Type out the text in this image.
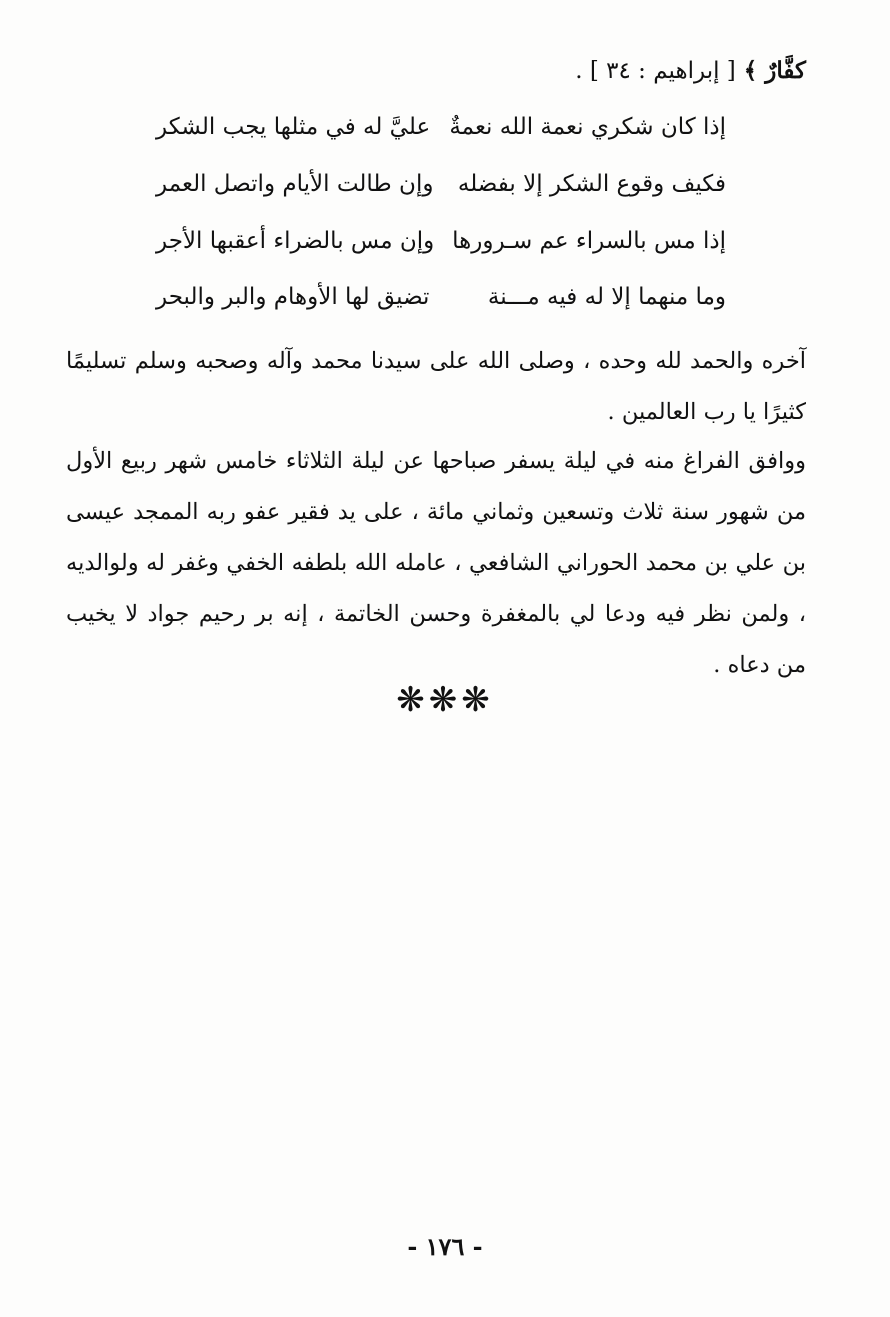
كفَّارٌ ﴾ [ إبراهيم : ٣٤ ] .
إذا كان شكري نعمة الله نعمةٌ
عليَّ له في مثلها يجب الشكر
فكيف وقوع الشكر إلا بفضله
وإن طالت الأيام واتصل العمر
إذا مس بالسراء عم سـرورها
وإن مس بالضراء أعقبها الأجر
وما منهما إلا له فيه مـــنة
تضيق لها الأوهام والبر والبحر
آخره والحمد لله وحده ، وصلى الله على سيدنا محمد وآله وصحبه وسلم تسليمًا كثيرًا يا رب العالمين .
ووافق الفراغ منه في ليلة يسفر صباحها عن ليلة الثلاثاء خامس شهر ربيع الأول من شهور سنة ثلاث وتسعين وثماني مائة ، على يد فقير عفو ربه الممجد عيسى بن علي بن محمد الحوراني الشافعي ، عامله الله بلطفه الخفي وغفر له ولوالديه ، ولمن نظر فيه ودعا لي بالمغفرة وحسن الخاتمة ، إنه بر رحيم جواد لا يخيب من دعاه .
❋❋❋
- ١٧٦ -
